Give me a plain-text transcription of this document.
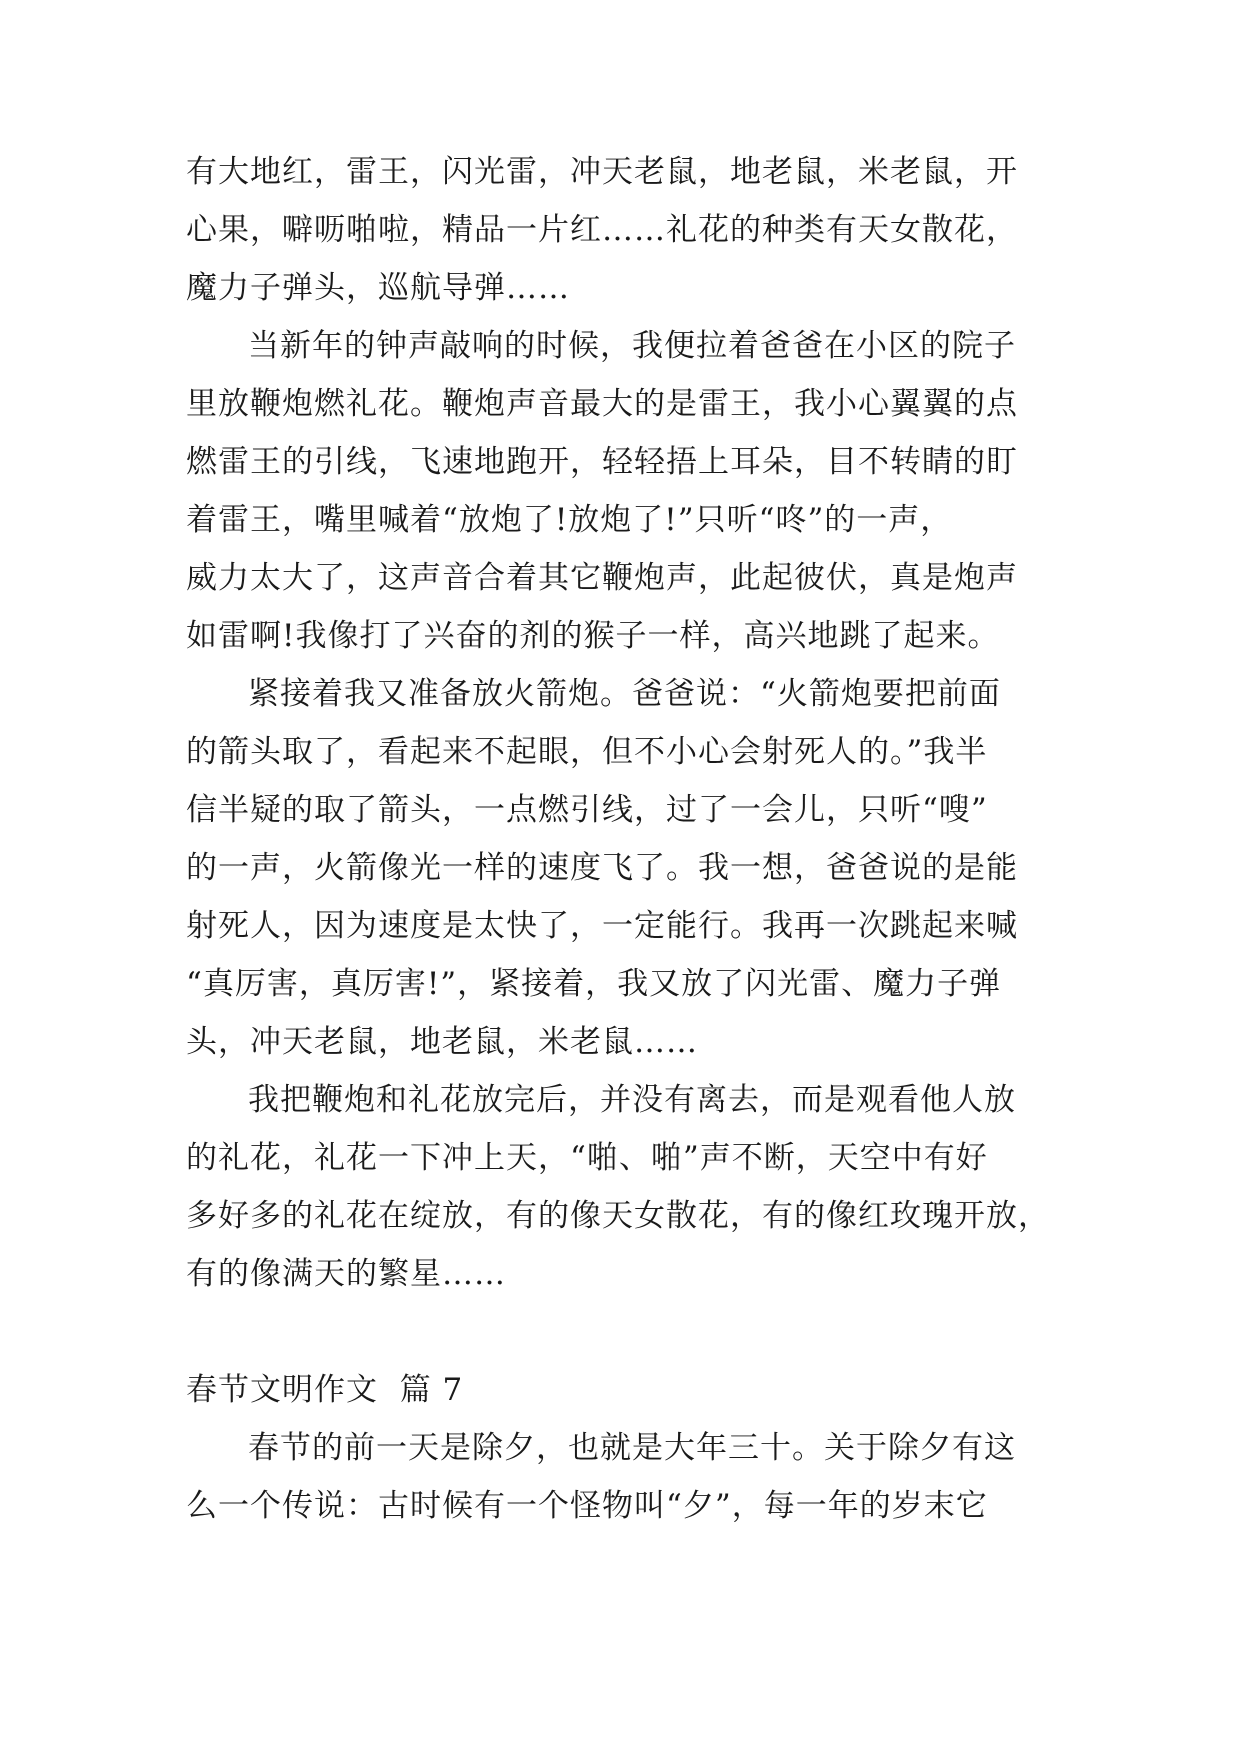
有大地红，雷王，闪光雷，冲天老鼠，地老鼠，米老鼠，开
心果，噼呖啪啦，精品一片红……礼花的种类有天女散花，
魔力子弹头，巡航导弹……
当新年的钟声敲响的时候，我便拉着爸爸在小区的院子
里放鞭炮燃礼花。鞭炮声音最大的是雷王，我小心翼翼的点
燃雷王的引线，飞速地跑开，轻轻捂上耳朵，目不转睛的盯
着雷王，嘴里喊着“放炮了!放炮了!”只听“咚”的一声，
威力太大了，这声音合着其它鞭炮声，此起彼伏，真是炮声
如雷啊!我像打了兴奋的剂的猴子一样，高兴地跳了起来。
紧接着我又准备放火箭炮。爸爸说：“火箭炮要把前面
的箭头取了，看起来不起眼，但不小心会射死人的。”我半
信半疑的取了箭头，一点燃引线，过了一会儿，只听“嗖”
的一声，火箭像光一样的速度飞了。我一想，爸爸说的是能
射死人，因为速度是太快了，一定能行。我再一次跳起来喊
“真厉害，真厉害!”，紧接着，我又放了闪光雷、魔力子弹
头，冲天老鼠，地老鼠，米老鼠……
我把鞭炮和礼花放完后，并没有离去，而是观看他人放
的礼花，礼花一下冲上天，“啪、啪”声不断，天空中有好
多好多的礼花在绽放，有的像天女散花，有的像红玫瑰开放，
有的像满天的繁星……
春节文明作文  篇 7
春节的前一天是除夕，也就是大年三十。关于除夕有这
么一个传说：古时候有一个怪物叫“夕”，每一年的岁末它
